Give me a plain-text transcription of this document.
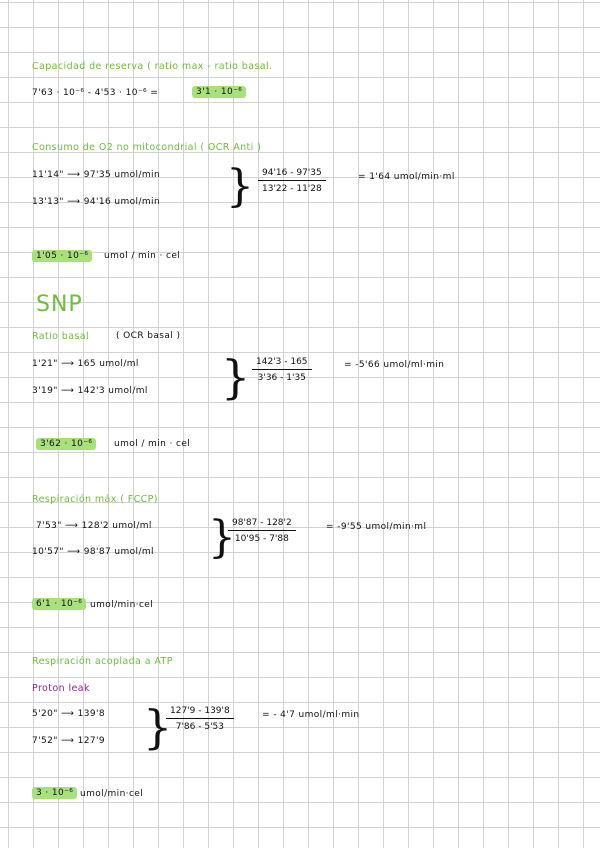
Capacidad de reserva ( ratio max - ratio basal.
7'63 · 10⁻⁶ - 4'53 · 10⁻⁶ =	3'1 · 10⁻⁶
Consumo de O2 no mitocondrial ( OCR Anti )
11'14" ⟶ 97'35 umol/min
13'13" ⟶ 94'16 umol/min } $\frac{94'16 - 97'35}{13'22 - 11'28}$	= 1'64 umol/min·ml
1'05 · 10⁻⁶	umol / min · cel
SNP
Ratio basal	( OCR basal )
1'21" ⟶ 165 umol/ml
3'19" ⟶ 142'3 umol/ml } $\frac{142'3 - 165}{3'36 - 1'35}$	= -5'66 umol/ml·min
3'62 · 10⁻⁶	umol / min · cel
Respiración máx ( FCCP)
7'53" ⟶ 128'2 umol/ml
10'57" ⟶ 98'87 umol/ml }
$\frac{98'87 - 128'2}{10'95 - 7'88}$	= -9'55 umol/min·ml
6'1 · 10⁻⁶ umol/min·cel
Respiración acoplada a ATP
Proton leak
5'20" ⟶ 139'8
7'52" ⟶ 127'9 }
$\frac{127'9 - 139'8}{7'86 - 5'53}$	= - 4'7 umol/ml·min
3 · 10⁻⁶ umol/min·cel
